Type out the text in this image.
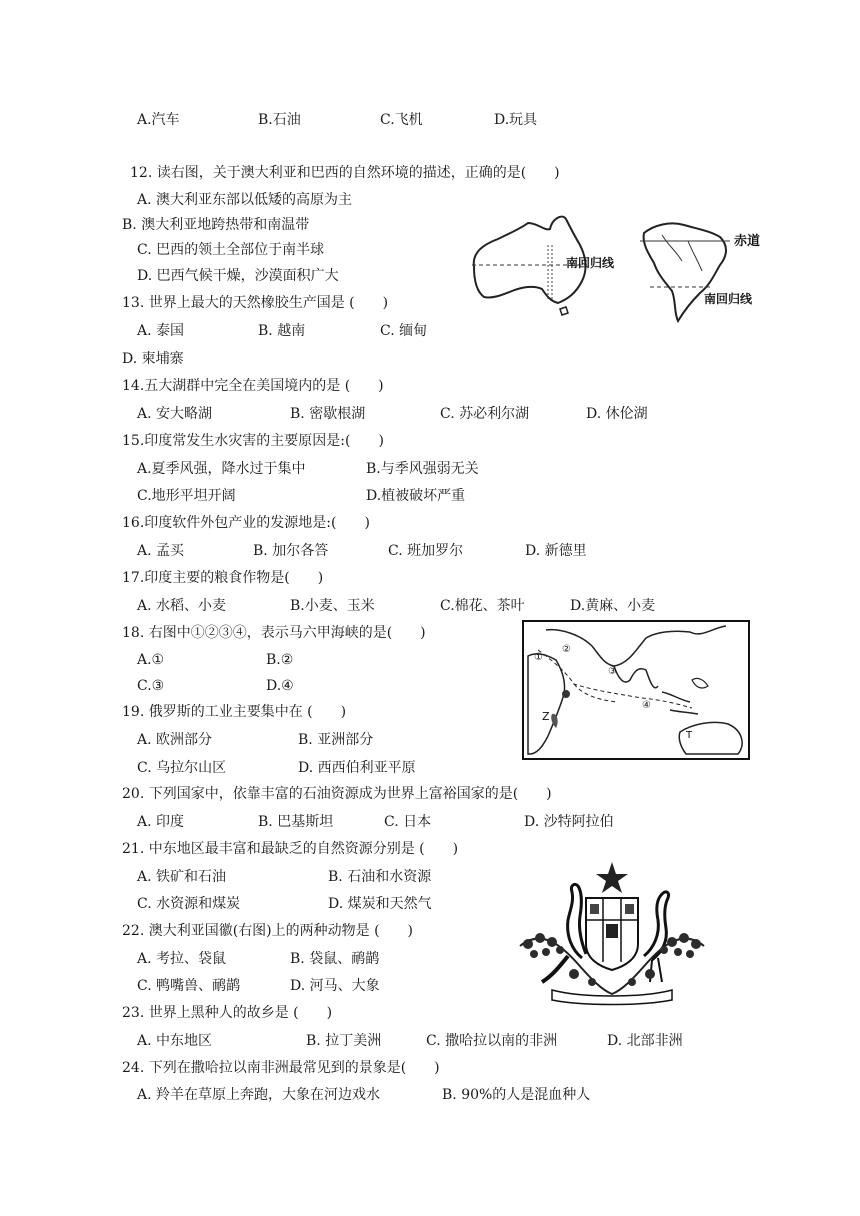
A.汽车	B.石油	C.飞机	D.玩具
12. 读右图，关于澳大利亚和巴西的自然环境的描述，正确的是(　　)
A. 澳大利亚东部以低矮的高原为主
B. 澳大利亚地跨热带和南温带
C. 巴西的领土全部位于南半球
D. 巴西气候干燥，沙漠面积广大
南回归线
赤道
南回归线
13. 世界上最大的天然橡胶生产国是 (　　)
A. 泰国	B. 越南	C. 缅甸
D. 柬埔寨
14.五大湖群中完全在美国境内的是 (　　)
A. 安大略湖	B. 密歇根湖	C. 苏必利尔湖	D. 休伦湖
15.印度常发生水灾害的主要原因是:(　　)
A.夏季风强，降水过于集中	B.与季风强弱无关
C.地形平坦开阔	D.植被破坏严重
16.印度软件外包产业的发源地是:(　　)
A. 孟买	B. 加尔各答	C. 班加罗尔	D. 新德里
17.印度主要的粮食作物是(　　)
A. 水稻、小麦	B.小麦、玉米	C.棉花、茶叶	D.黄麻、小麦
18. 右图中①②③④，表示马六甲海峡的是(　　)
A.①	B.②
C.③	D.④
①
②
③
④
Z
T
19. 俄罗斯的工业主要集中在 (　　)
A. 欧洲部分	B. 亚洲部分
C. 乌拉尔山区	D. 西西伯利亚平原
20. 下列国家中，依靠丰富的石油资源成为世界上富裕国家的是(　　)
A. 印度	B. 巴基斯坦	C. 日本	D. 沙特阿拉伯
21. 中东地区最丰富和最缺乏的自然资源分别是 (　　)
A. 铁矿和石油	B. 石油和水资源
C. 水资源和煤炭	D. 煤炭和天然气
22. 澳大利亚国徽(右图)上的两种动物是 (　　)
A. 考拉、袋鼠	B. 袋鼠、鸸鹋
C. 鸭嘴兽、鸸鹋	D. 河马、大象
23. 世界上黑种人的故乡是 (　　)
A. 中东地区	B. 拉丁美洲	C. 撒哈拉以南的非洲	D. 北部非洲
24. 下列在撒哈拉以南非洲最常见到的景象是(　　)
A. 羚羊在草原上奔跑，大象在河边戏水	B. 90%的人是混血种人
